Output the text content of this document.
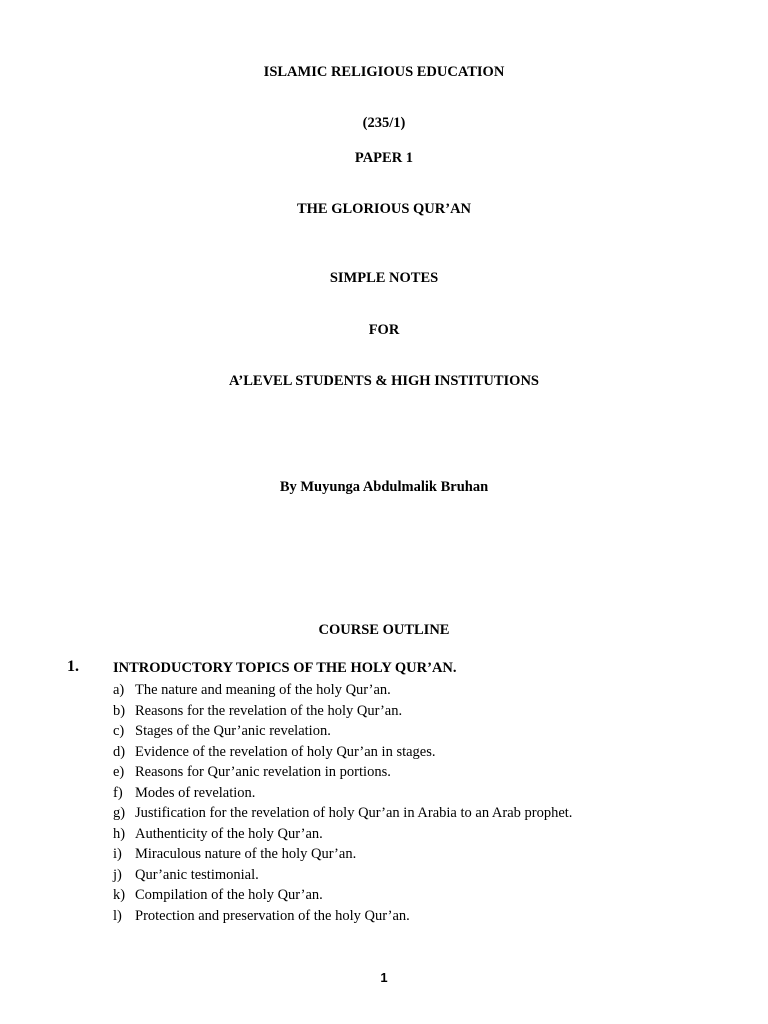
ISLAMIC RELIGIOUS EDUCATION
(235/1)
PAPER 1
THE GLORIOUS QUR’AN
SIMPLE NOTES
FOR
A’LEVEL STUDENTS & HIGH INSTITUTIONS
By Muyunga Abdulmalik Bruhan
COURSE OUTLINE
1. INTRODUCTORY TOPICS OF THE HOLY QUR’AN.
a) The nature and meaning of the holy Qur’an.
b) Reasons for the revelation of the holy Qur’an.
c) Stages of the Qur’anic revelation.
d) Evidence of the revelation of holy Qur’an in stages.
e) Reasons for Qur’anic revelation in portions.
f) Modes of revelation.
g) Justification for the revelation of holy Qur’an in Arabia to an Arab prophet.
h) Authenticity of the holy Qur’an.
i) Miraculous nature of the holy Qur’an.
j) Qur’anic testimonial.
k) Compilation of the holy Qur’an.
l) Protection and preservation of the holy Qur’an.
1
